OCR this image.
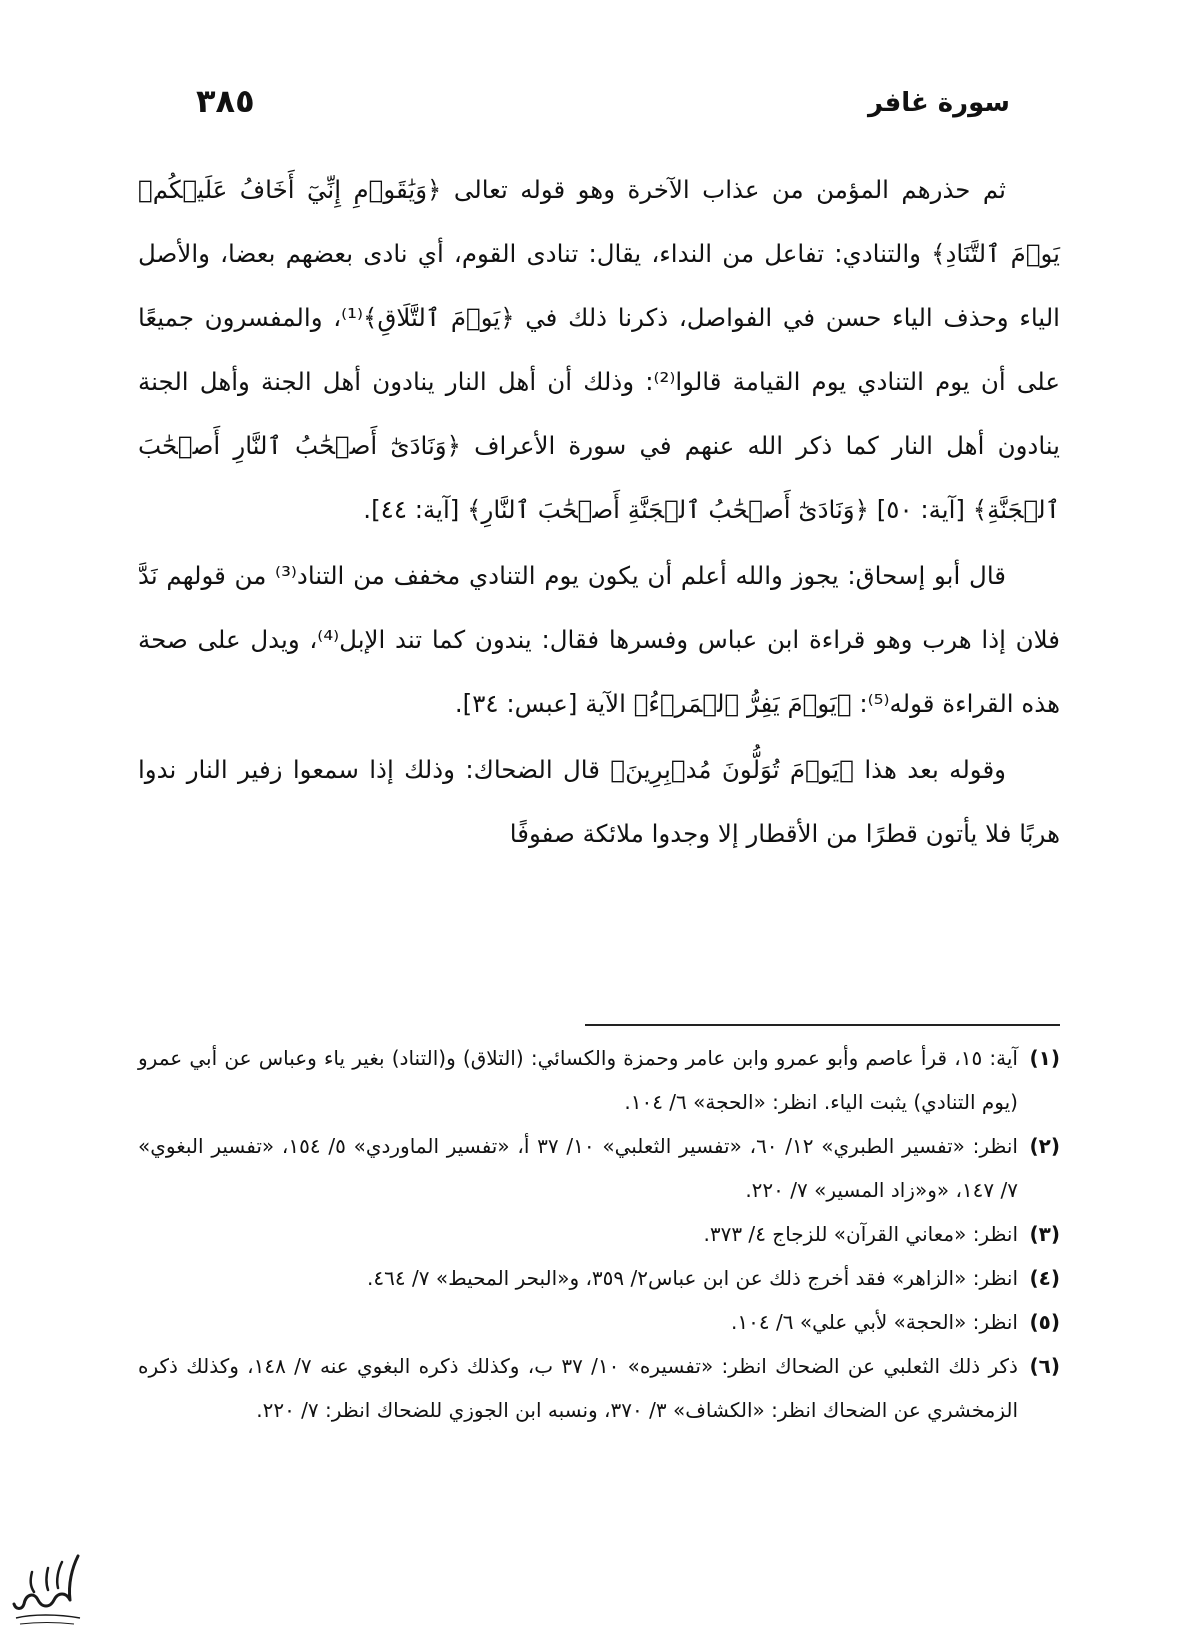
سورة غافر
٣٨٥

ثم حذرهم المؤمن من عذاب الآخرة وهو قوله تعالى ﴿وَيَٰقَوۡمِ إِنِّيٓ أَخَافُ عَلَيۡكُمۡ يَوۡمَ ٱلتَّنَادِ﴾ والتنادي: تفاعل من النداء، يقال: تنادى القوم، أي نادى بعضهم بعضا، والأصل الياء وحذف الياء حسن في الفواصل، ذكرنا ذلك في ﴿يَوۡمَ ٱلتَّلَاقِ﴾⁽¹⁾، والمفسرون جميعًا على أن يوم التنادي يوم القيامة قالوا⁽²⁾: وذلك أن أهل النار ينادون أهل الجنة وأهل الجنة ينادون أهل النار كما ذكر الله عنهم في سورة الأعراف ﴿وَنَادَىٰٓ أَصۡحَٰبُ ٱلنَّارِ أَصۡحَٰبَ ٱلۡجَنَّةِ﴾ [آية: ٥٠] ﴿وَنَادَىٰٓ أَصۡحَٰبُ ٱلۡجَنَّةِ أَصۡحَٰبَ ٱلنَّارِ﴾ [آية: ٤٤].

قال أبو إسحاق: يجوز والله أعلم أن يكون يوم التنادي مخفف من التناد⁽³⁾ من قولهم نَدَّ فلان إذا هرب وهو قراءة ابن عباس وفسرها فقال: يندون كما تند الإبل⁽⁴⁾، ويدل على صحة هذه القراءة قوله⁽⁵⁾: ﴿يَوۡمَ يَفِرُّ ٱلۡمَرۡءُ﴾ الآية [عبس: ٣٤].

وقوله بعد هذا ﴿يَوۡمَ تُوَلُّونَ مُدۡبِرِينَ﴾ قال الضحاك: وذلك إذا سمعوا زفير النار ندوا هربًا فلا يأتون قطرًا من الأقطار إلا وجدوا ملائكة صفوفًا

(١)
آية: ١٥، قرأ عاصم وأبو عمرو وابن عامر وحمزة والكسائي: (التلاق) و(التناد) بغير ياء وعباس عن أبي عمرو (يوم التنادي) يثبت الياء. انظر: «الحجة» ٦/ ١٠٤.
(٢)
انظر: «تفسير الطبري» ١٢/ ٦٠، «تفسير الثعلبي» ١٠/ ٣٧ أ، «تفسير الماوردي» ٥/ ١٥٤، «تفسير البغوي» ٧/ ١٤٧، «و«زاد المسير» ٧/ ٢٢٠.
(٣)
انظر: «معاني القرآن» للزجاج ٤/ ٣٧٣.
(٤)
انظر: «الزاهر» فقد أخرج ذلك عن ابن عباس٢/ ٣٥٩، و«البحر المحيط» ٧/ ٤٦٤.
(٥)
انظر: «الحجة» لأبي علي» ٦/ ١٠٤.
(٦)
ذكر ذلك الثعلبي عن الضحاك انظر: «تفسيره» ١٠/ ٣٧ ب، وكذلك ذكره البغوي عنه ٧/ ١٤٨، وكذلك ذكره الزمخشري عن الضحاك انظر: «الكشاف» ٣/ ٣٧٠، ونسبه ابن الجوزي للضحاك انظر: ٧/ ٢٢٠.
